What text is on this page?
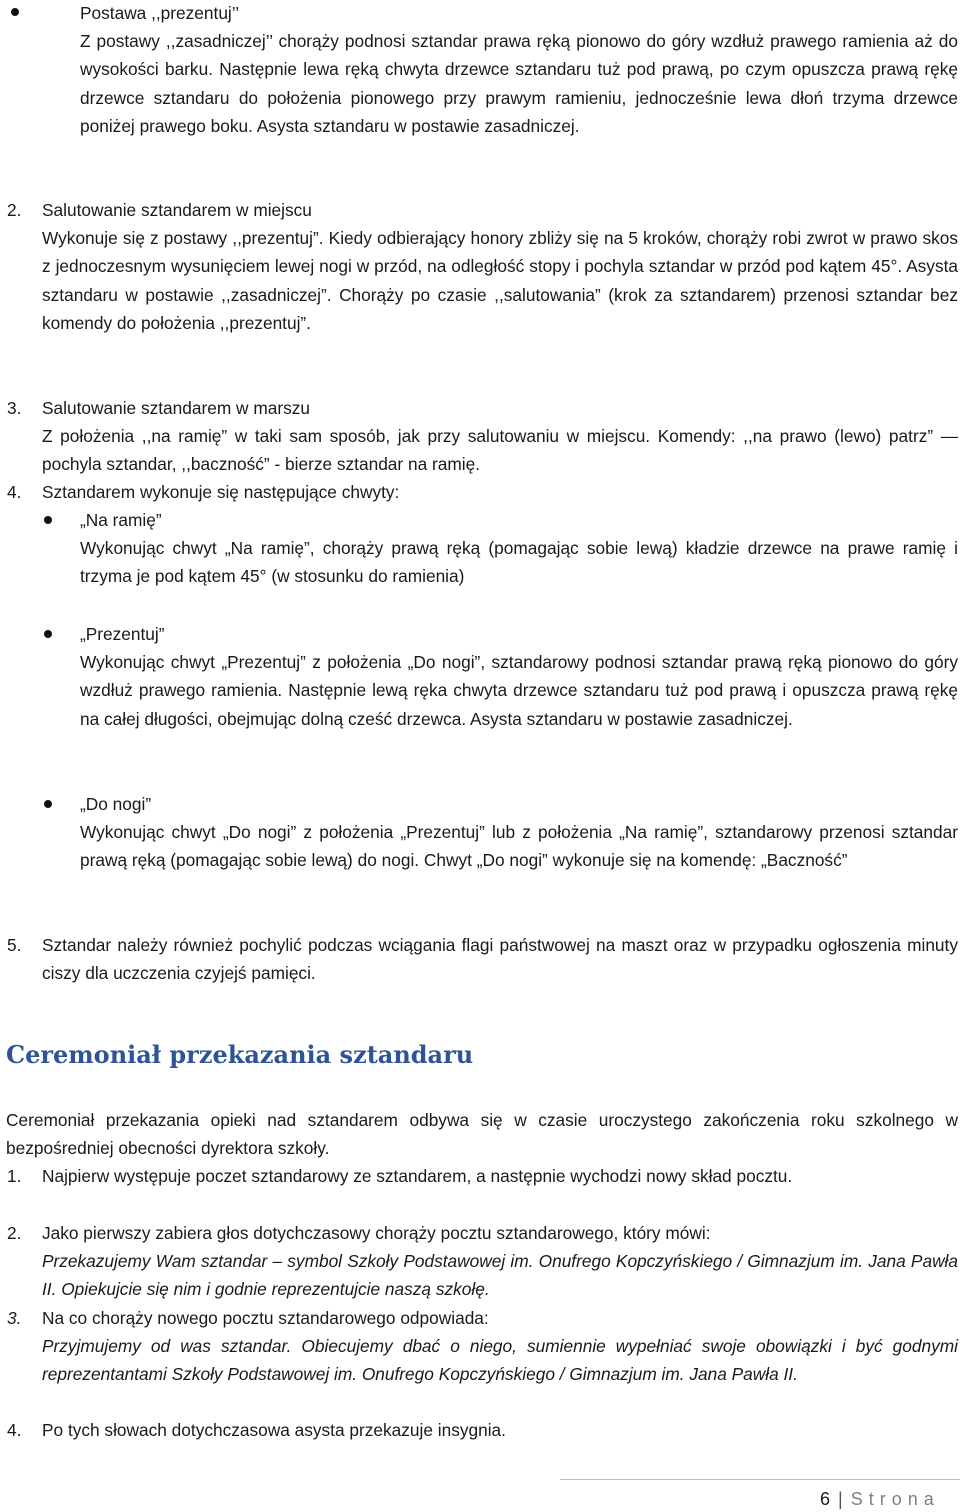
Postawa ,,prezentuj’’
Z postawy ,,zasadniczej’’ chorąży podnosi sztandar prawa ręką pionowo do góry wzdłuż prawego ramienia aż do wysokości barku. Następnie lewa ręką chwyta drzewce sztandaru tuż pod prawą, po czym opuszcza prawą rękę drzewce sztandaru do położenia pionowego przy prawym ramieniu, jednocześnie lewa dłoń trzyma drzewce poniżej prawego boku. Asysta sztandaru w postawie zasadniczej.
2. Salutowanie sztandarem w miejscu
Wykonuje się z postawy ,,prezentuj”. Kiedy odbierający honory zbliży się na 5 kroków, chorąży robi zwrot w prawo skos z jednoczesnym wysunięciem lewej nogi w przód, na odległość stopy i pochyla sztandar w przód pod kątem 45°. Asysta sztandaru w postawie ,,zasadniczej”. Chorąży po czasie ,,salutowania” (krok za sztandarem) przenosi sztandar bez komendy do położenia ,,prezentuj”.
3. Salutowanie sztandarem w marszu
Z położenia ,,na ramię” w taki sam sposób, jak przy salutowaniu w miejscu. Komendy: ,,na prawo (lewo) patrz” — pochyla sztandar, ,,baczność” - bierze sztandar na ramię.
4. Sztandarem wykonuje się następujące chwyty:
„Na ramię”
Wykonując chwyt „Na ramię”, chorąży prawą ręką (pomagając sobie lewą) kładzie drzewce na prawe ramię i trzyma je pod kątem 45° (w stosunku do ramienia)
„Prezentuj”
Wykonując chwyt „Prezentuj” z położenia „Do nogi”, sztandarowy podnosi sztandar prawą ręką pionowo do góry wzdłuż prawego ramienia. Następnie lewą ręka chwyta drzewce sztandaru tuż pod prawą i opuszcza prawą rękę na całej długości, obejmując dolną cześć drzewca. Asysta sztandaru w postawie zasadniczej.
„Do nogi”
Wykonując chwyt „Do nogi” z położenia „Prezentuj” lub z położenia „Na ramię”, sztandarowy przenosi sztandar prawą ręką (pomagając sobie lewą) do nogi. Chwyt „Do nogi” wykonuje się na komendę: „Baczność”
5. Sztandar należy również pochylić podczas wciągania flagi państwowej na maszt oraz w przypadku ogłoszenia minuty ciszy dla uczczenia czyjejś pamięci.
Ceremoniał przekazania sztandaru
Ceremoniał przekazania opieki nad sztandarem odbywa się w czasie uroczystego zakończenia roku szkolnego w bezpośredniej obecności dyrektora szkoły.
1. Najpierw występuje poczet sztandarowy ze sztandarem, a następnie wychodzi nowy skład pocztu.
2. Jako pierwszy zabiera głos dotychczasowy chorąży pocztu sztandarowego, który mówi:
Przekazujemy Wam sztandar – symbol Szkoły Podstawowej im. Onufrego Kopczyńskiego / Gimnazjum im. Jana Pawła II. Opiekujcie się nim i godnie reprezentujcie naszą szkołę.
3. Na co chorąży nowego pocztu sztandarowego odpowiada:
Przyjmujemy od was sztandar. Obiecujemy dbać o niego, sumiennie wypełniać swoje obowiązki i być godnymi reprezentantami Szkoły Podstawowej im. Onufrego Kopczyńskiego / Gimnazjum im. Jana Pawła II.
4. Po tych słowach dotychczasowa asysta przekazuje insygnia.
6 | Strona
